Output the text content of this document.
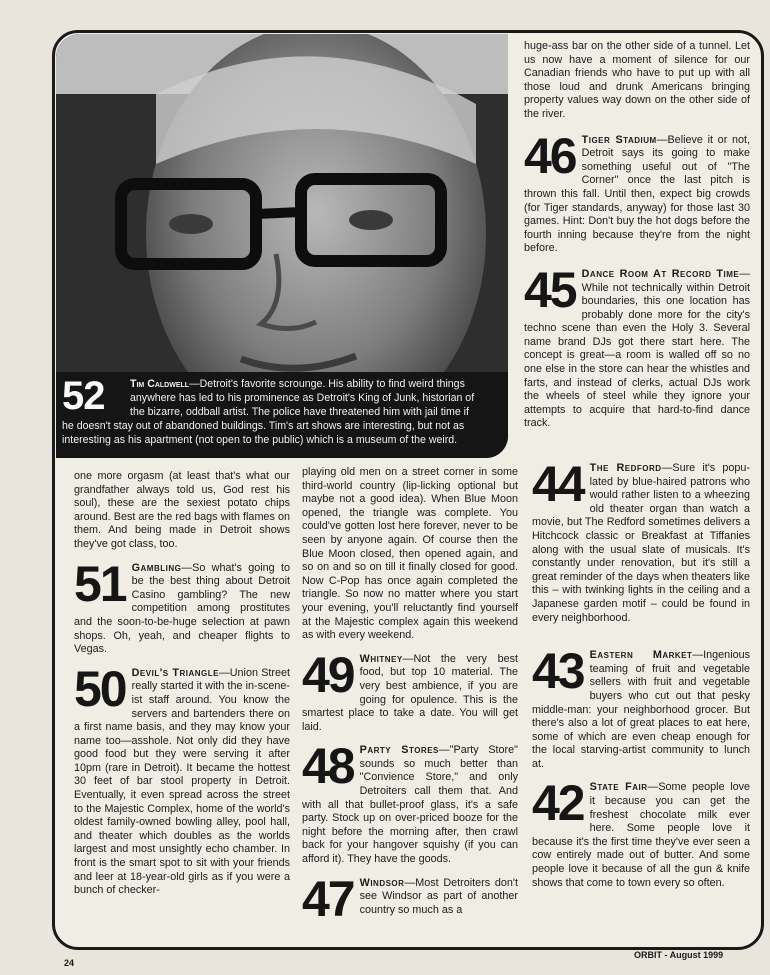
52 Tim Caldwell—Detroit's favorite scrounge. His ability to find weird things
anywhere has led to his prominence as Detroit's King of Junk, historian of
the bizarre, oddball artist. The police have threatened him with jail time if
he doesn't stay out of abandoned buildings. Tim's art shows are interesting, but not as
interesting as his apartment (not open to the public) which is a museum of the weird.

one more orgasm (at least that's what our grandfather always told us, God rest his soul), these are the sexiest potato chips around. Best are the red bags with flames on them. And being made in Detroit shows they've got class, too.

51 Gambling—So what's going to be the best thing about Detroit Casino gambling? The new competition among prostitutes and the soon-to-be-huge selection at pawn shops. Oh, yeah, and cheaper flights to Vegas.

50 Devil's Triangle—Union Street really started it with the in-scene-ist staff around. You know the servers and bartenders there on a first name basis, and they may know your name too—asshole. Not only did they have good food but they were serving it after 10pm (rare in Detroit). It became the hottest 30 feet of bar stool property in Detroit. Eventually, it even spread across the street to the Majestic Complex, home of the world's oldest family-owned bowling alley, pool hall, and theater which doubles as the worlds largest and most unsightly echo chamber. In front is the smart spot to sit with your friends and leer at 18-year-old girls as if you were a bunch of checker-

playing old men on a street corner in some third-world country (lip-licking optional but maybe not a good idea). When Blue Moon opened, the triangle was complete. You could've gotten lost here forever, never to be seen by anyone again. Of course then the Blue Moon closed, then opened again, and so on and so on till it finally closed for good. Now C-Pop has once again completed the triangle. So now no matter where you start your evening, you'll reluctantly find yourself at the Majestic complex again this weekend as with every weekend.

49 Whitney—Not the very best food, but top 10 material. The very best ambience, if you are going for opulence. This is the smartest place to take a date. You will get laid.

48 Party Stores—"Party Store" sounds so much better than "Convience Store," and only Detroiters call them that. And with all that bullet-proof glass, it's a safe party. Stock up on over-priced booze for the night before the morning after, then crawl back for your hangover squishy (if you can afford it). They have the goods.

47 Windsor—Most Detroiters don't see Windsor as part of another country so much as a

huge-ass bar on the other side of a tunnel. Let us now have a moment of silence for our Canadian friends who have to put up with all those loud and drunk Americans bringing property values way down on the other side of the river.

46 Tiger Stadium—Believe it or not, Detroit says its going to make something useful out of "The Corner" once the last pitch is thrown this fall. Until then, expect big crowds (for Tiger standards, anyway) for those last 30 games. Hint: Don't buy the hot dogs before the fourth inning because they're from the night before.

45 Dance Room At Record Time—While not technically within Detroit boundaries, this one location has probably done more for the city's techno scene than even the Holy 3. Several name brand DJs got there start here. The concept is great—a room is walled off so no one else in the store can hear the whistles and farts, and instead of clerks, actual DJs work the wheels of steel while they ignore your attempts to acquire that hard-to-find dance track.

44 The Redford—Sure it's popu-lated by blue-haired patrons who would rather listen to a wheezing old theater organ than watch a movie, but The Redford sometimes delivers a Hitchcock classic or Breakfast at Tiffanies along with the usual slate of musicals. It's constantly under renovation, but it's still a great reminder of the days when theaters like this – with twinking lights in the ceiling and a Japanese garden motif – could be found in every neighborhood.

43 Eastern Market—Ingenious teaming of fruit and vegetable sellers with fruit and vegetable buyers who cut out that pesky middle-man: your neighborhood grocer. But there's also a lot of great places to eat here, some of which are even cheap enough for the local starving-artist community to lunch at.

42 State Fair—Some people love it because you can get the freshest chocolate milk ever here. Some people love it because it's the first time they've ever seen a cow entirely made out of butter. And some people love it because of all the gun & knife shows that come to town every so often.

24
ORBIT - August 1999
